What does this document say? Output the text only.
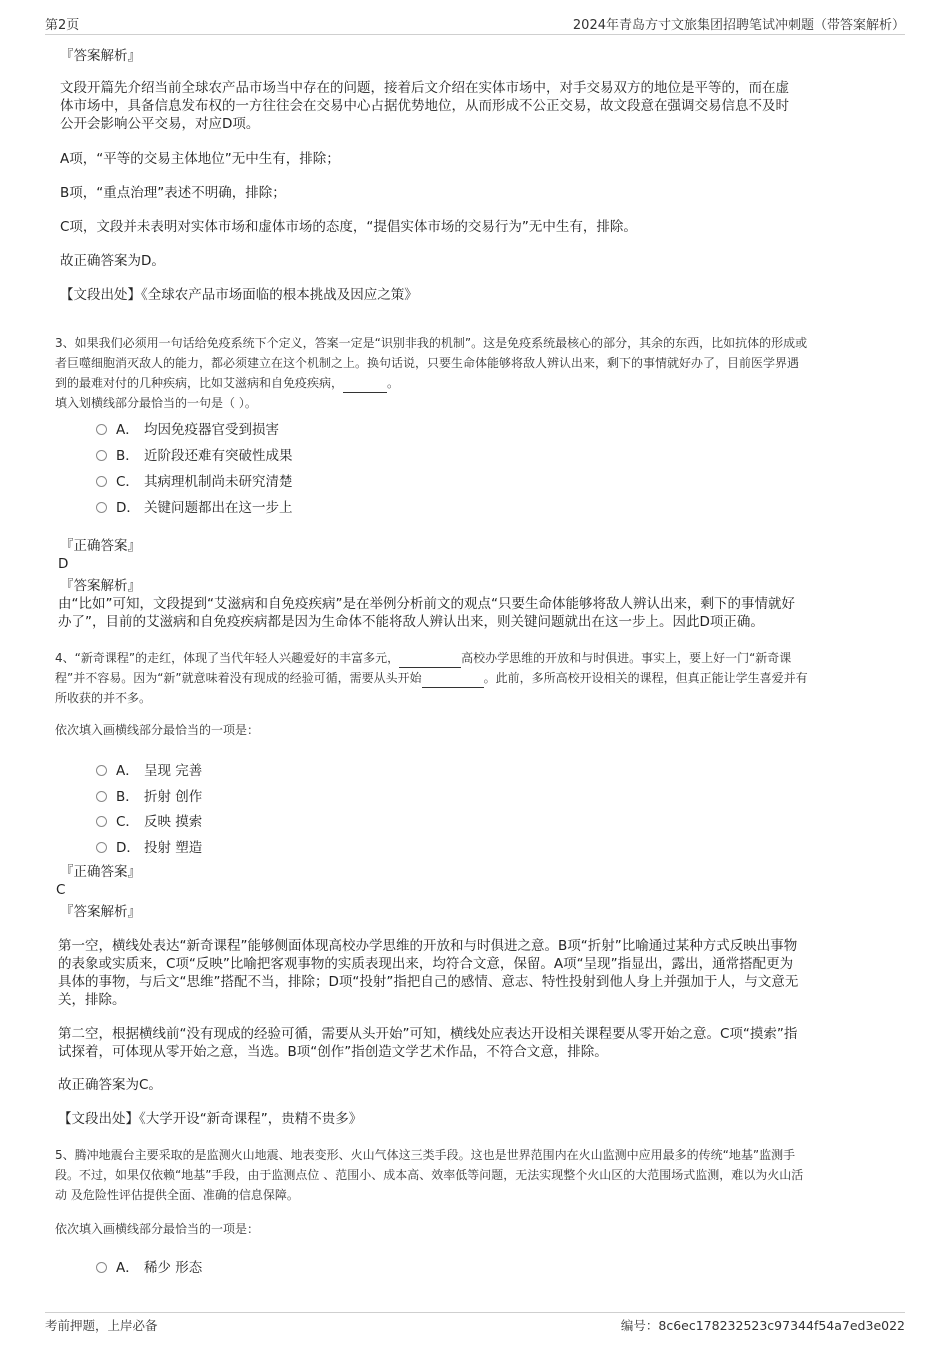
第2页	2024年青岛方寸文旅集团招聘笔试冲刺题（带答案解析）
『答案解析』
文段开篇先介绍当前全球农产品市场当中存在的问题，接着后文介绍在实体市场中，对手交易双方的地位是平等的，而在虚
体市场中，具备信息发布权的一方往往会在交易中心占据优势地位，从而形成不公正交易，故文段意在强调交易信息不及时
公开会影响公平交易，对应D项。
A项，“平等的交易主体地位”无中生有，排除；
B项，“重点治理”表述不明确，排除；
C项，文段并未表明对实体市场和虚体市场的态度，“提倡实体市场的交易行为”无中生有，排除。
故正确答案为D。
【文段出处】《全球农产品市场面临的根本挑战及因应之策》
3、如果我们必须用一句话给免疫系统下个定义，答案一定是“识别非我的机制”。这是免疫系统最核心的部分，其余的东西，比如抗体的形成或
者巨噬细胞消灭敌人的能力，都必须建立在这个机制之上。换句话说，只要生命体能够将敌人辨认出来，剩下的事情就好办了，目前医学界遇
到的最难对付的几种疾病，比如艾滋病和自免疫疾病，	。
填入划横线部分最恰当的一句是（ ）。
A． 均因免疫器官受到损害
B． 近阶段还难有突破性成果
C． 其病理机制尚未研究清楚
D． 关键问题都出在这一步上
『正确答案』
D
『答案解析』
由“比如”可知，文段提到“艾滋病和自免疫疾病”是在举例分析前文的观点“只要生命体能够将敌人辨认出来，剩下的事情就好
办了”，目前的艾滋病和自免疫疾病都是因为生命体不能将敌人辨认出来，则关键问题就出在这一步上。因此D项正确。
4、“新奇课程”的走红，体现了当代年轻人兴趣爱好的丰富多元，	高校办学思维的开放和与时俱进。事实上，要上好一门“新奇课
程”并不容易。因为“新”就意味着没有现成的经验可循，需要从头开始	。此前，多所高校开设相关的课程，但真正能让学生喜爱并有
所收获的并不多。
依次填入画横线部分最恰当的一项是：
A． 呈现 完善
B． 折射 创作
C． 反映 摸索
D． 投射 塑造
『正确答案』
C
『答案解析』
第一空，横线处表达“新奇课程”能够侧面体现高校办学思维的开放和与时俱进之意。B项“折射”比喻通过某种方式反映出事物
的表象或实质来，C项“反映”比喻把客观事物的实质表现出来，均符合文意，保留。A项“呈现”指显出，露出，通常搭配更为
具体的事物，与后文“思维”搭配不当，排除；D项“投射”指把自己的感情、意志、特性投射到他人身上并强加于人，与文意无
关，排除。
第二空，根据横线前“没有现成的经验可循，需要从头开始”可知，横线处应表达开设相关课程要从零开始之意。C项“摸索”指
试探着，可体现从零开始之意，当选。B项“创作”指创造文学艺术作品，不符合文意，排除。
故正确答案为C。
【文段出处】《大学开设“新奇课程”，贵精不贵多》
5、腾冲地震台主要采取的是监测火山地震、地表变形、火山气体这三类手段。这也是世界范围内在火山监测中应用最多的传统“地基”监测手
段。不过，如果仅依赖“地基”手段，由于监测点位 、范围小、成本高、效率低等问题，无法实现整个火山区的大范围场式监测，难以为火山活
动 及危险性评估提供全面、准确的信息保障。
依次填入画横线部分最恰当的一项是：
A． 稀少 形态
考前押题，上岸必备	编号：8c6ec178232523c97344f54a7ed3e022
